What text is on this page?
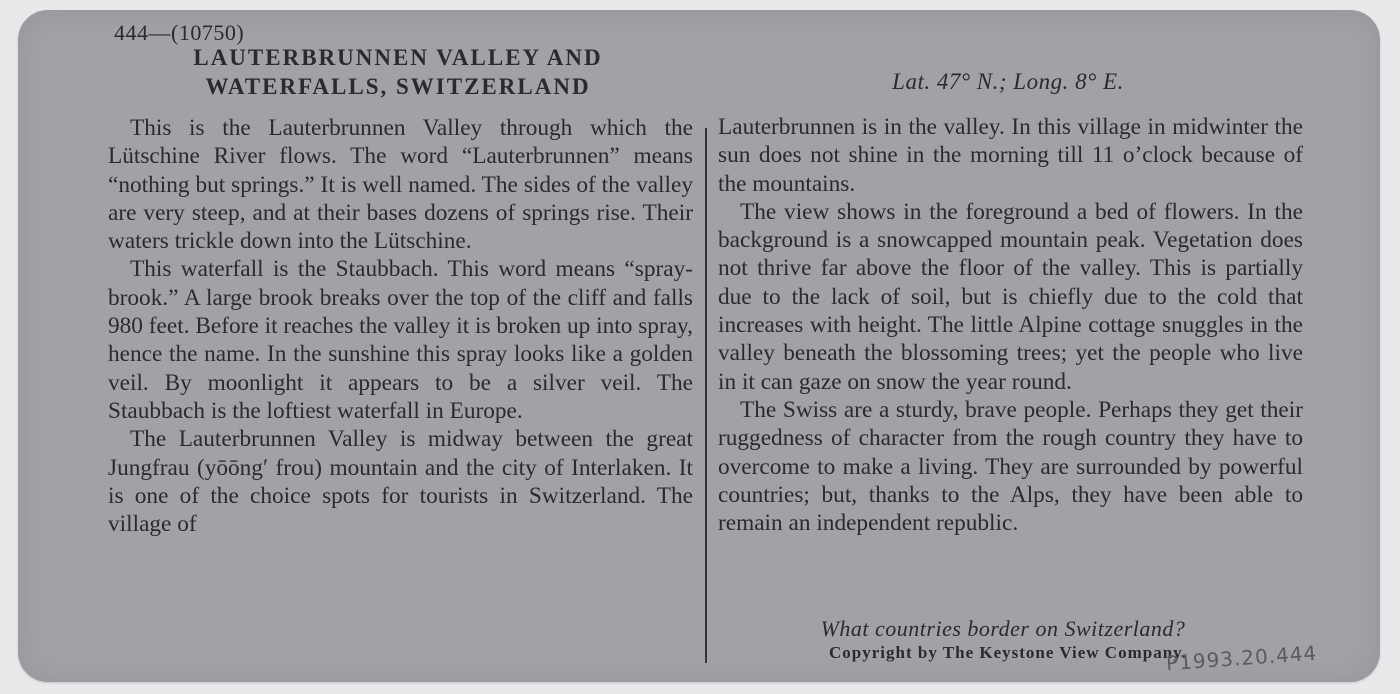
444—(10750)
LAUTERBRUNNEN VALLEY AND
WATERFALLS, SWITZERLAND	Lat. 47° N.; Long. 8° E.

This is the Lauterbrunnen Valley through which the Lütschine River flows. The word “Lauterbrunnen” means “nothing but springs.” It is well named. The sides of the valley are very steep, and at their bases dozens of springs rise. Their waters trickle down into the Lütschine.

This waterfall is the Staubbach. This word means “spray-brook.” A large brook breaks over the top of the cliff and falls 980 feet. Before it reaches the valley it is broken up into spray, hence the name. In the sunshine this spray looks like a golden veil. By moonlight it appears to be a silver veil. The Staubbach is the loftiest waterfall in Europe.

The Lauterbrunnen Valley is midway between the great Jungfrau (yōōng′ frou) mountain and the city of Interlaken. It is one of the choice spots for tourists in Switzerland. The village of

Lauterbrunnen is in the valley. In this village in midwinter the sun does not shine in the morning till 11 o’clock because of the mountains.

The view shows in the foreground a bed of flowers. In the background is a snowcapped mountain peak. Vegetation does not thrive far above the floor of the valley. This is partially due to the lack of soil, but is chiefly due to the cold that increases with height. The little Alpine cottage snuggles in the valley beneath the blossoming trees; yet the people who live in it can gaze on snow the year round.

The Swiss are a sturdy, brave people. Perhaps they get their ruggedness of character from the rough country they have to overcome to make a living. They are surrounded by powerful countries; but, thanks to the Alps, they have been able to remain an independent republic.

What countries border on Switzerland?
Copyright by The Keystone View Company.
P1993.20.444
